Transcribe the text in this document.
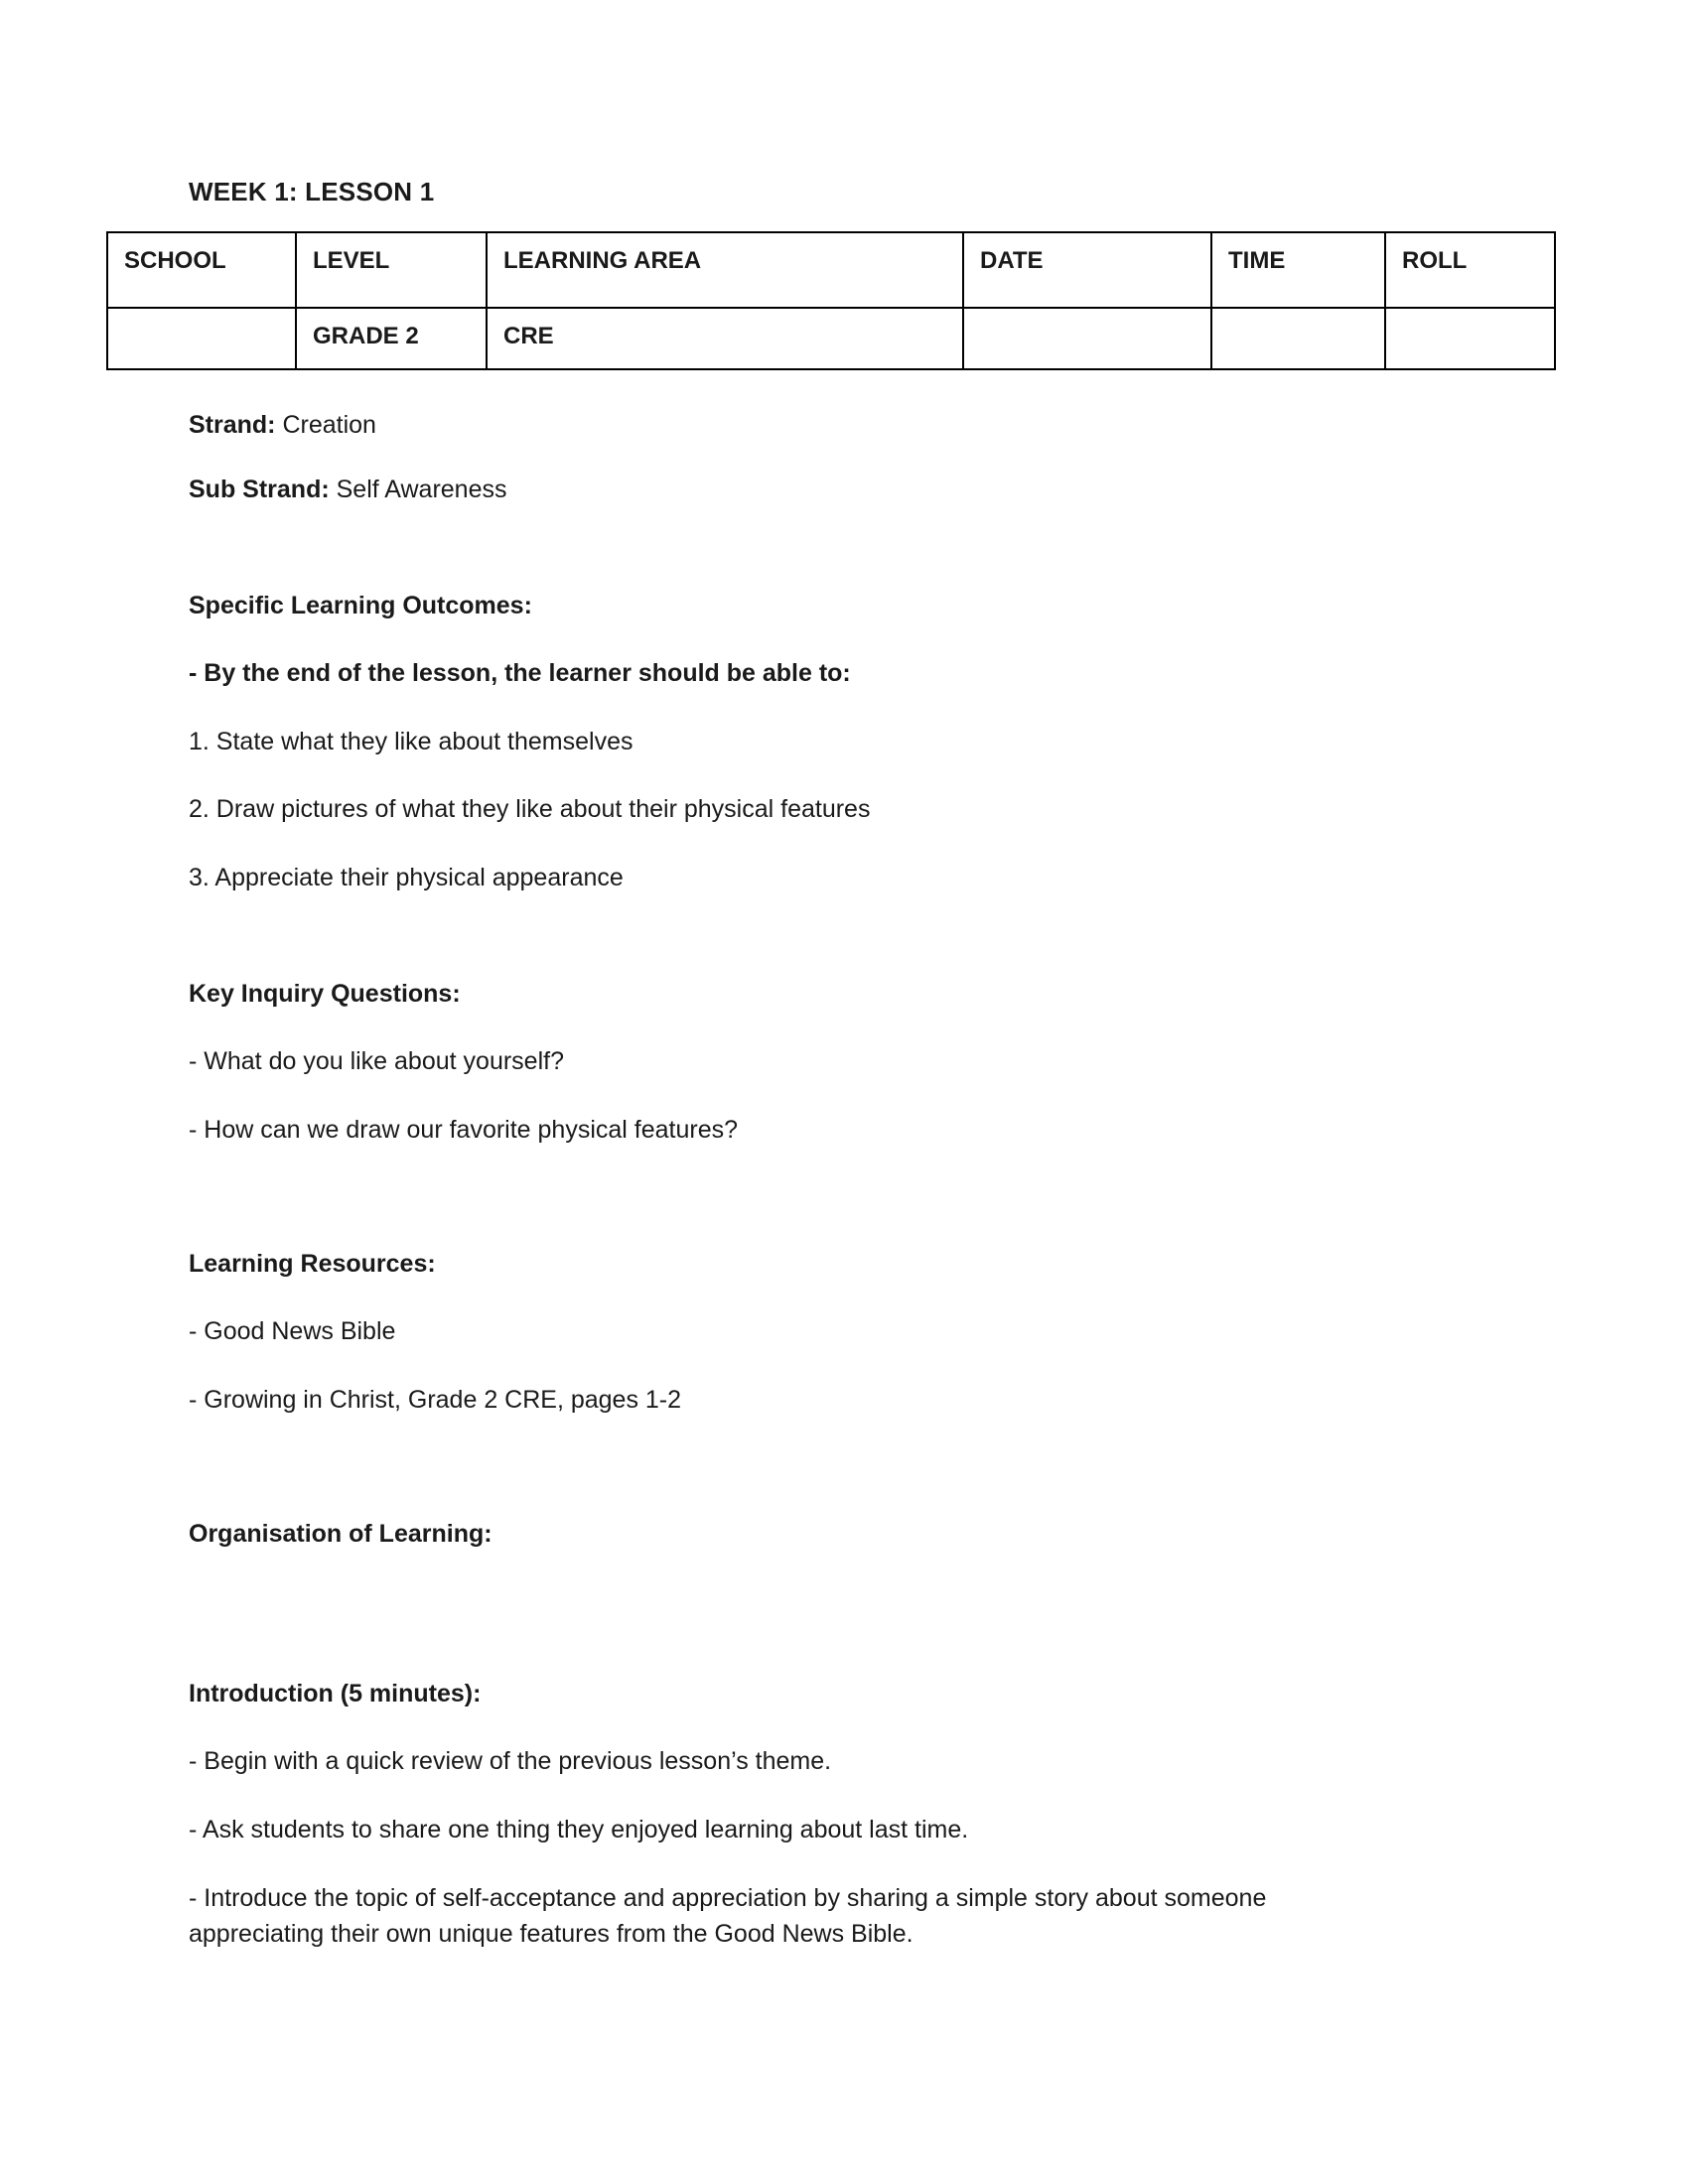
WEEK 1: LESSON 1
SCHOOL	LEVEL	LEARNING AREA	DATE	TIME	ROLL
	GRADE 2	CRE			

Strand: Creation

Sub Strand: Self Awareness

Specific Learning Outcomes:

- By the end of the lesson, the learner should be able to:

1. State what they like about themselves

2. Draw pictures of what they like about their physical features

3. Appreciate their physical appearance

Key Inquiry Questions:

- What do you like about yourself?

- How can we draw our favorite physical features?

Learning Resources:

- Good News Bible

- Growing in Christ, Grade 2 CRE, pages 1-2

Organisation of Learning:

Introduction (5 minutes):

- Begin with a quick review of the previous lesson’s theme.

- Ask students to share one thing they enjoyed learning about last time.

- Introduce the topic of self-acceptance and appreciation by sharing a simple story about someone appreciating their own unique features from the Good News Bible.
